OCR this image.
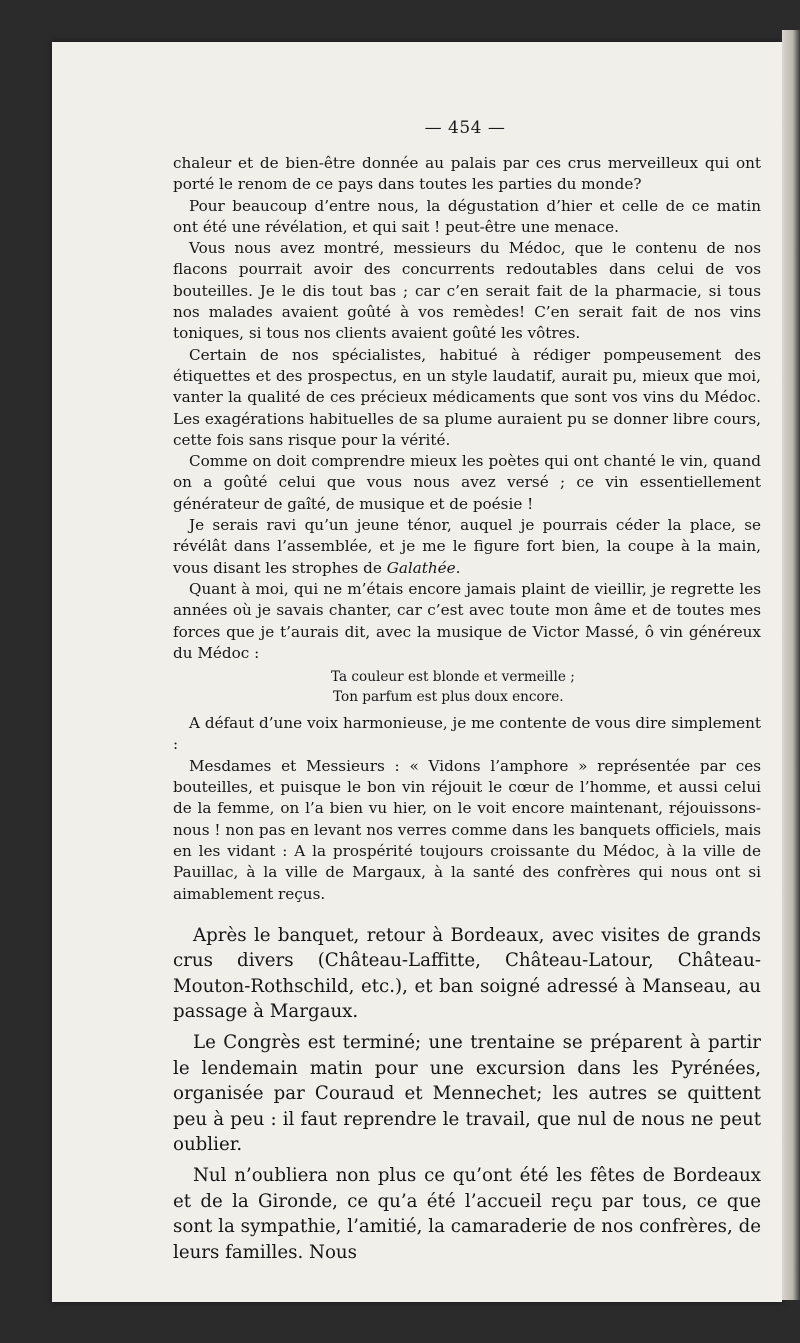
— 454 —

chaleur et de bien-être donnée au palais par ces crus merveilleux qui ont porté le renom de ce pays dans toutes les parties du monde?

Pour beaucoup d’entre nous, la dégustation d’hier et celle de ce matin ont été une révélation, et qui sait ! peut-être une menace.

Vous nous avez montré, messieurs du Médoc, que le contenu de nos flacons pourrait avoir des concurrents redoutables dans celui de vos bouteilles. Je le dis tout bas ; car c’en serait fait de la pharmacie, si tous nos malades avaient goûté à vos remèdes! C’en serait fait de nos vins toniques, si tous nos clients avaient goûté les vôtres.

Certain de nos spécialistes, habitué à rédiger pompeusement des étiquettes et des prospectus, en un style laudatif, aurait pu, mieux que moi, vanter la qualité de ces précieux médicaments que sont vos vins du Médoc. Les exagérations habituelles de sa plume auraient pu se donner libre cours, cette fois sans risque pour la vérité.

Comme on doit comprendre mieux les poètes qui ont chanté le vin, quand on a goûté celui que vous nous avez versé ; ce vin essentiellement générateur de gaîté, de musique et de poésie !

Je serais ravi qu’un jeune ténor, auquel je pourrais céder la place, se révélât dans l’assemblée, et je me le figure fort bien, la coupe à la main, vous disant les strophes de Galathée.

Quant à moi, qui ne m’étais encore jamais plaint de vieillir, je regrette les années où je savais chanter, car c’est avec toute mon âme et de toutes mes forces que je t’aurais dit, avec la musique de Victor Massé, ô vin généreux du Médoc :

Ta couleur est blonde et vermeille ;
Ton parfum est plus doux encore.

A défaut d’une voix harmonieuse, je me contente de vous dire simplement :

Mesdames et Messieurs : « Vidons l’amphore » représentée par ces bouteilles, et puisque le bon vin réjouit le cœur de l’homme, et aussi celui de la femme, on l’a bien vu hier, on le voit encore maintenant, réjouissons-nous ! non pas en levant nos verres comme dans les banquets officiels, mais en les vidant : A la prospérité toujours croissante du Médoc, à la ville de Pauillac, à la ville de Margaux, à la santé des confrères qui nous ont si aimablement reçus.

Après le banquet, retour à Bordeaux, avec visites de grands crus divers (Château-Laffitte, Château-Latour, Château-Mouton-Rothschild, etc.), et ban soigné adressé à Manseau, au passage à Margaux.

Le Congrès est terminé; une trentaine se préparent à partir le lendemain matin pour une excursion dans les Pyrénées, organisée par Couraud et Mennechet; les autres se quittent peu à peu : il faut reprendre le travail, que nul de nous ne peut oublier.

Nul n’oubliera non plus ce qu’ont été les fêtes de Bordeaux et de la Gironde, ce qu’a été l’accueil reçu par tous, ce que sont la sympathie, l’amitié, la camaraderie de nos confrères, de leurs familles. Nous
